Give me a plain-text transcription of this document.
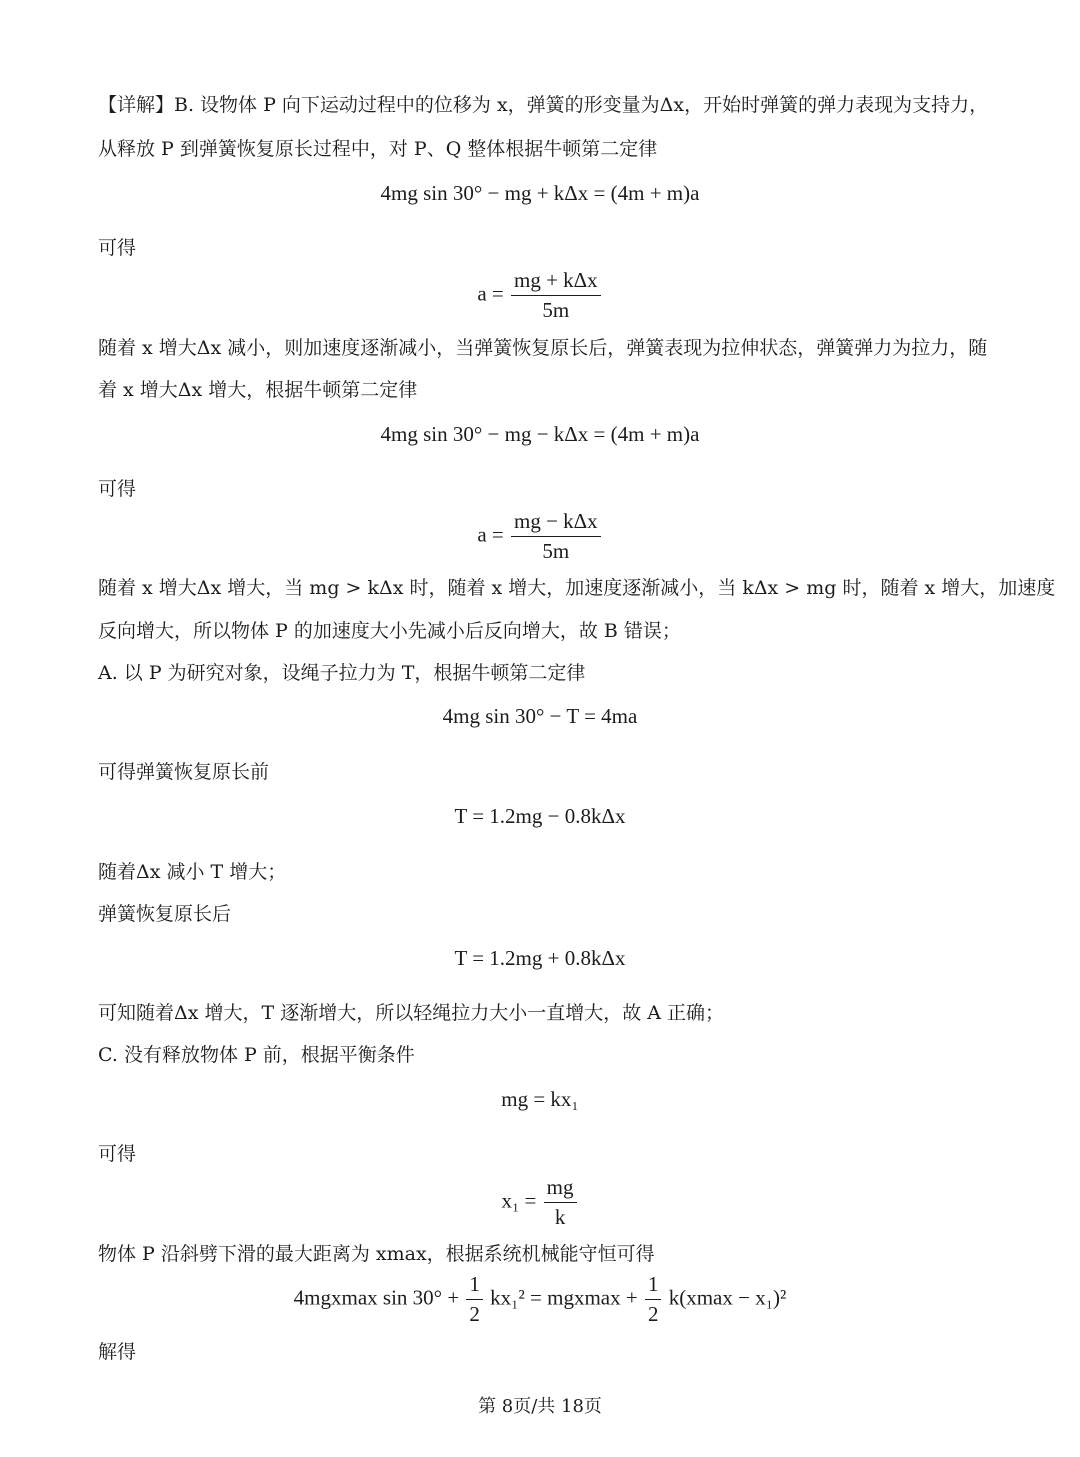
【详解】B. 设物体 P 向下运动过程中的位移为 x，弹簧的形变量为Δx，开始时弹簧的弹力表现为支持力，
从释放 P 到弹簧恢复原长过程中，对 P、Q 整体根据牛顿第二定律
4mg sin 30° − mg + kΔx = (4m + m)a
可得
$a = \frac{\text{mg + kΔx}}{5m}$
随着 x 增大Δx 减小，则加速度逐渐减小，当弹簧恢复原长后，弹簧表现为拉伸状态，弹簧弹力为拉力，随
着 x 增大Δx 增大，根据牛顿第二定律
4mg sin 30° − mg − kΔx = (4m + m)a
可得
$a = \frac{\text{mg − kΔx}}{5m}$
随着 x 增大Δx 增大，当 mg > kΔx 时，随着 x 增大，加速度逐渐减小，当 kΔx > mg 时，随着 x 增大，加速度
反向增大，所以物体 P 的加速度大小先减小后反向增大，故 B 错误；
A. 以 P 为研究对象，设绳子拉力为 T，根据牛顿第二定律
4mg sin 30° − T = 4ma
可得弹簧恢复原长前
T = 1.2mg − 0.8kΔx
随着Δx 减小 T 增大；
弹簧恢复原长后
T = 1.2mg + 0.8kΔx
可知随着Δx 增大，T 逐渐增大，所以轻绳拉力大小一直增大，故 A 正确；
C. 没有释放物体 P 前，根据平衡条件
mg = kx₁
可得
$x_1 = \frac{mg}{k}$
物体 P 沿斜劈下滑的最大距离为 xmax，根据系统机械能守恒可得
4mgxmax $\sin 30^\circ + \frac{1}{2} kx_1^2 = mgxmax + \frac{1}{2} k(xmax - x_1)^2$
解得
第 8页/共 18页
